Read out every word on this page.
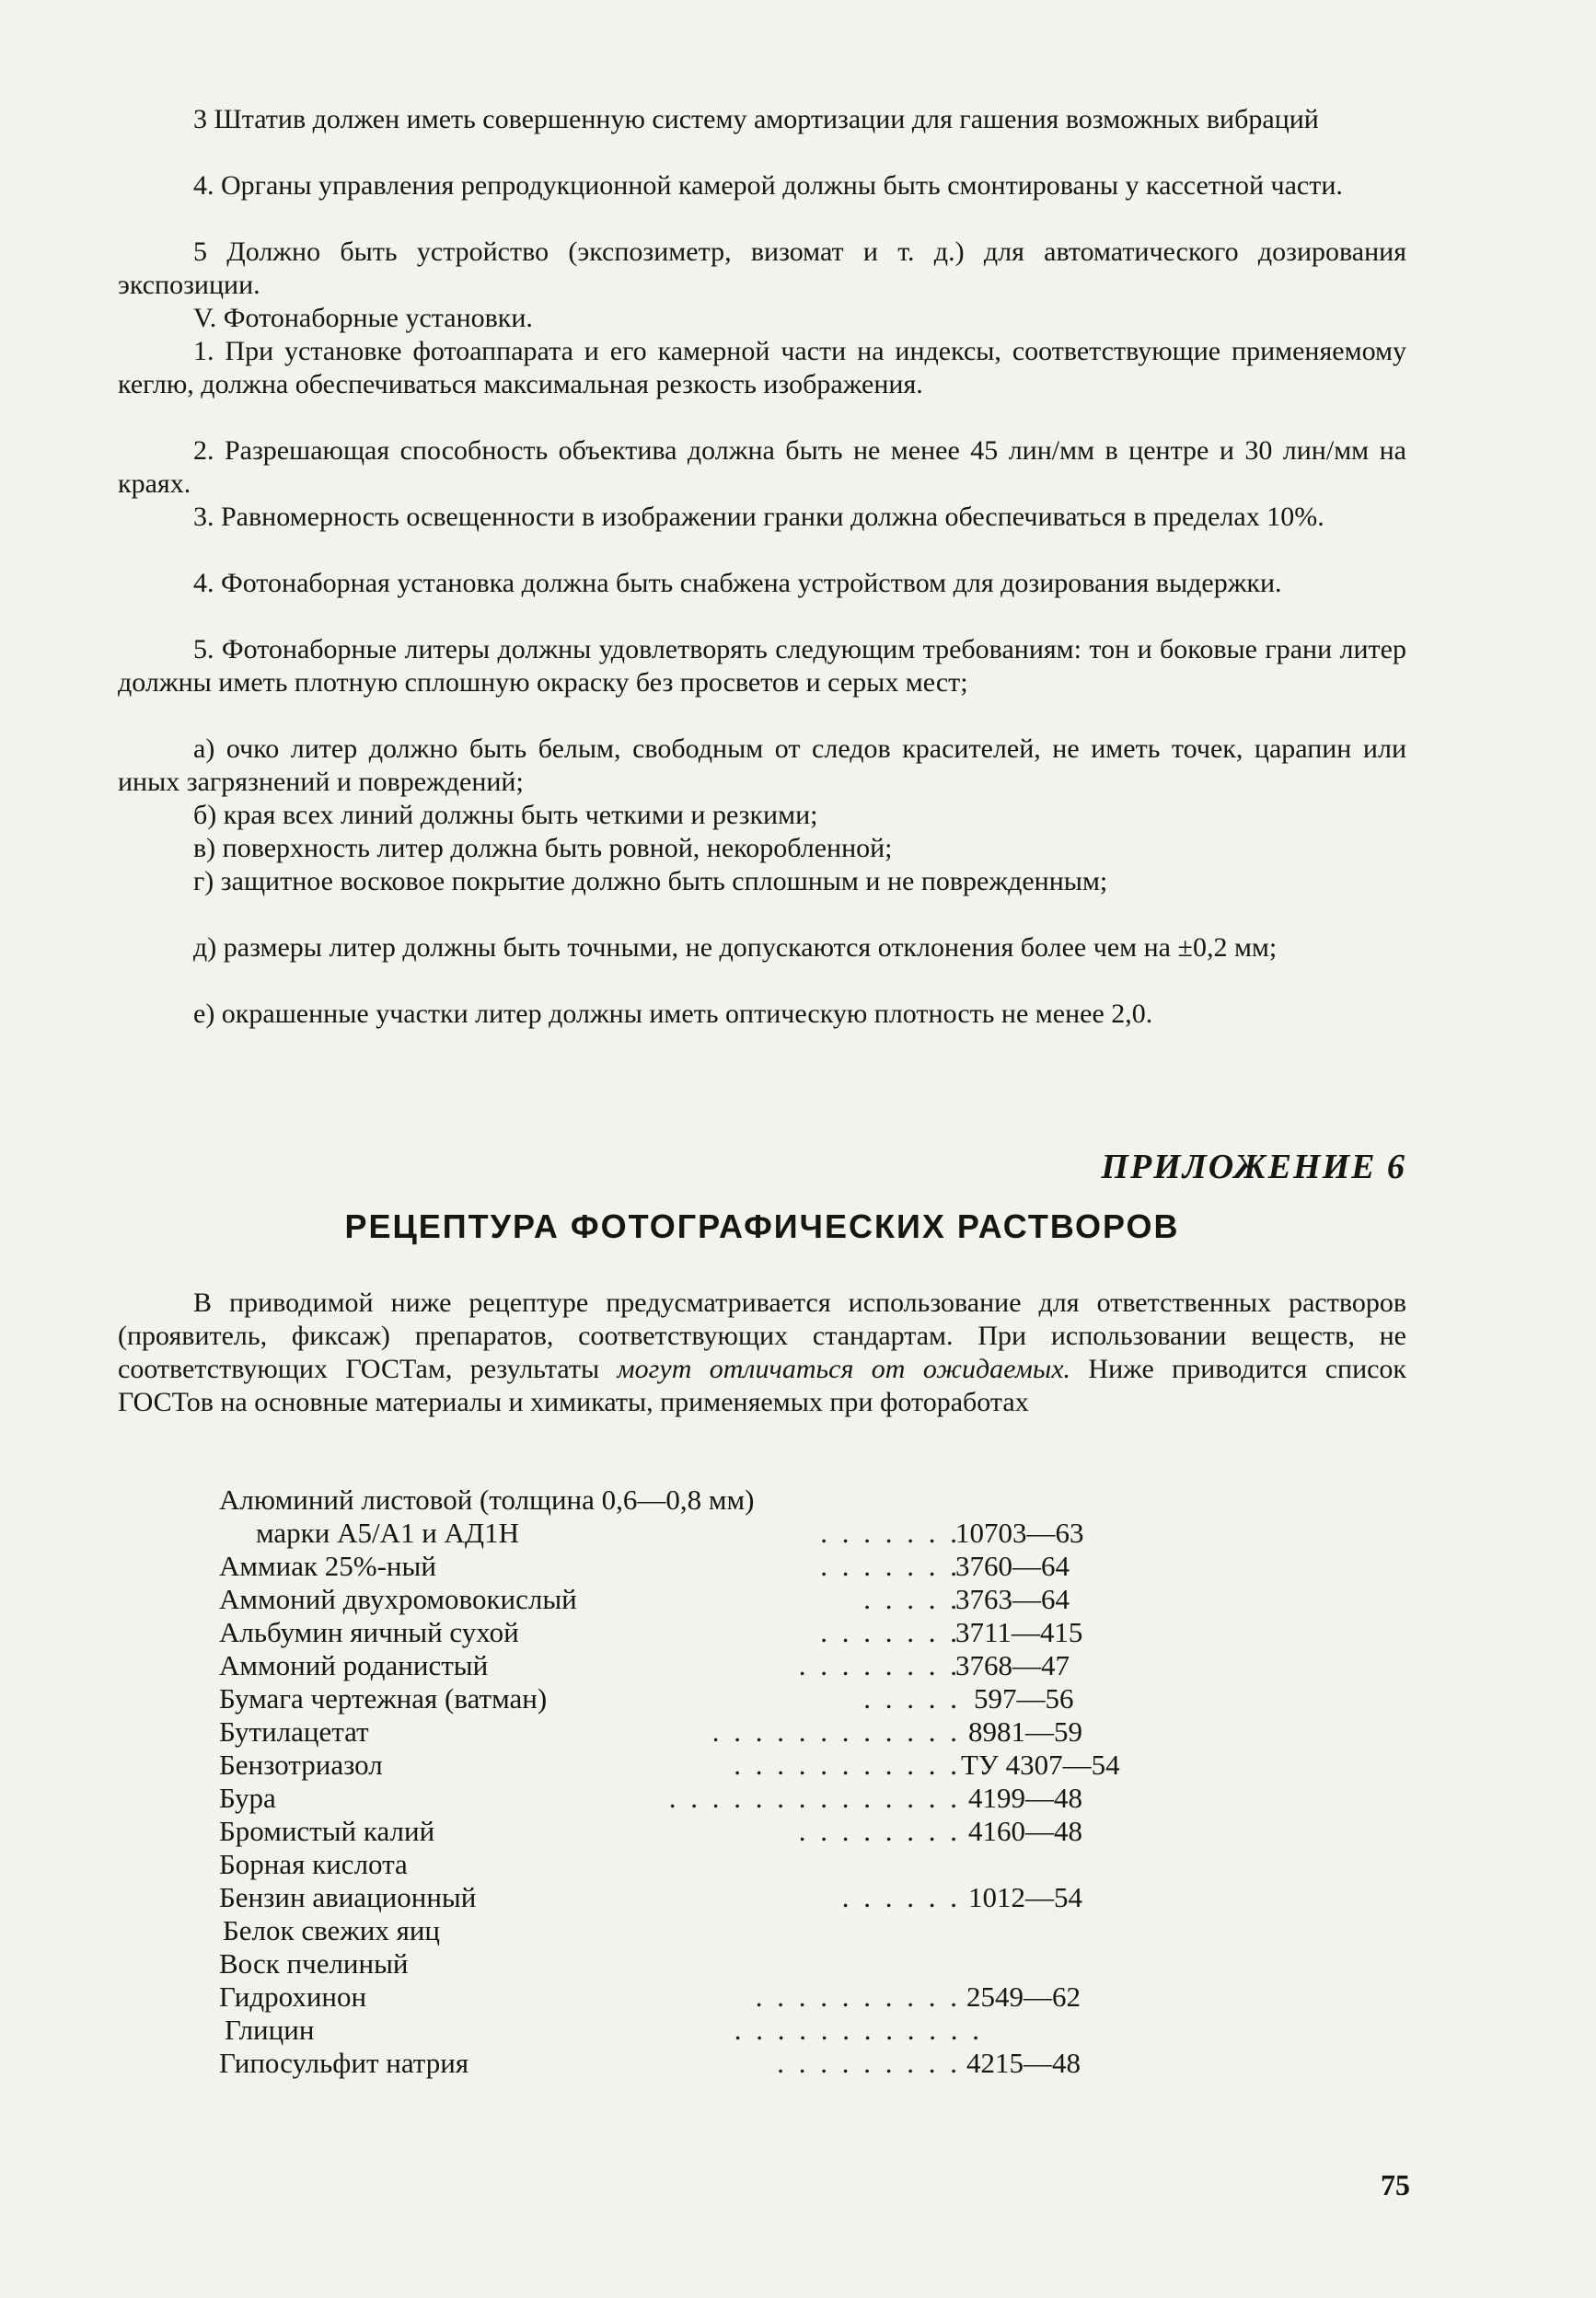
3 Штатив должен иметь совершенную систему амортизации для гашения возможных вибраций

4. Органы управления репродукционной камерой должны быть смонтированы у кассетной части.

5 Должно быть устройство (экспозиметр, визомат и т. д.) для автоматического дозирования экспозиции.

V. Фотонаборные установки.

1. При установке фотоаппарата и его камерной части на индексы, соответствующие применяемому кеглю, должна обеспечиваться максимальная резкость изображения.

2. Разрешающая способность объектива должна быть не менее 45 лин/мм в центре и 30 лин/мм на краях.

3. Равномерность освещенности в изображении гранки должна обеспечиваться в пределах 10%.

4. Фотонаборная установка должна быть снабжена устройством для дозирования выдержки.

5. Фотонаборные литеры должны удовлетворять следующим требованиям: тон и боковые грани литер должны иметь плотную сплошную окраску без просветов и серых мест;

а) очко литер должно быть белым, свободным от следов красителей, не иметь точек, царапин или иных загрязнений и повреждений;

б) края всех линий должны быть четкими и резкими;

в) поверхность литер должна быть ровной, некоробленной;

г) защитное восковое покрытие должно быть сплошным и не поврежденным;

д) размеры литер должны быть точными, не допускаются отклонения более чем на ±0,2 мм;

е) окрашенные участки литер должны иметь оптическую плотность не менее 2,0.

ПРИЛОЖЕНИЕ 6
РЕЦЕПТУРА ФОТОГРАФИЧЕСКИХ РАСТВОРОВ

В приводимой ниже рецептуре предусматривается использование для ответственных растворов (проявитель, фиксаж) препаратов, соответствующих стандартам. При использовании веществ, не соответствующих ГОСТам, результаты могут отличаться от ожидаемых. Ниже приводится список ГОСТов на основные материалы и химикаты, применяемых при фотоработах

Алюминий листовой (толщина 0,6—0,8 мм)
. . . . . . .
марки А5/А1 и АД1Н	10703—63
. . . . . . .
Аммиак 25%-ный	3760—64
. . . . .
Аммоний двухромовокислый	3763—64
. . . . . . .
Альбумин яичный сухой	3711—415
. . . . . . . .
Аммоний роданистый	3768—47
. . . . .
Бумага чертежная (ватман)	597—56
. . . . . . . . . . . .
Бутилацетат	8981—59
. . . . . . . . . . .
Бензотриазол	ТУ 4307—54
. . . . . . . . . . . . . .
Бура	4199—48
. . . . . . . .
Бромистый калий	4160—48
Борная кислота
. . . . . .
Бензин авиационный	1012—54
Белок свежих яиц
Воск пчелиный
. . . . . . . . . .
Гидрохинон	2549—62
. . . . . . . . . . . .
Глицин
. . . . . . . . .
Гипосульфит натрия	4215—48
75
